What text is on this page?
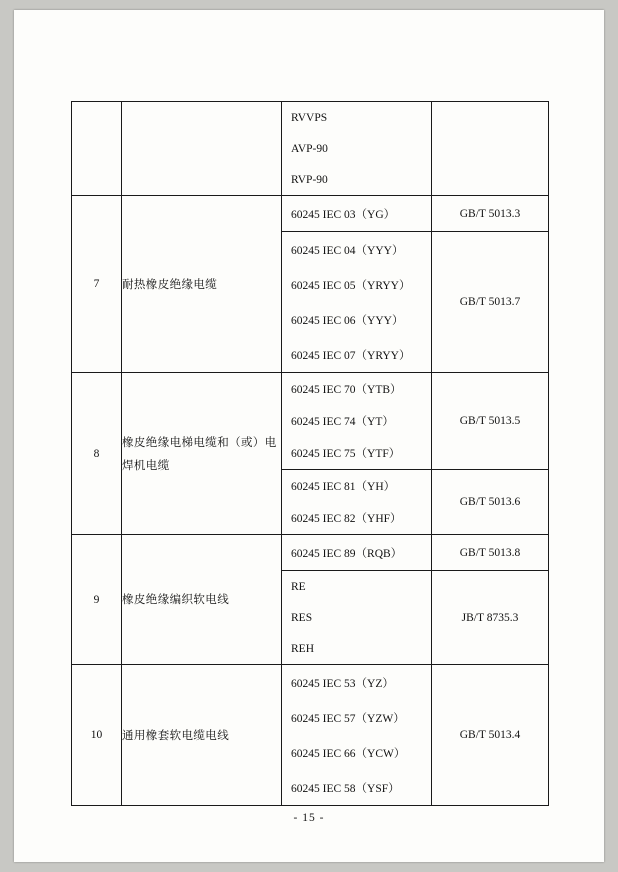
		RVVPS
AVP-90
RVP-90	

7	耐热橡皮绝缘电缆	60245 IEC 03（YG）	GB/T 5013.3

		60245 IEC 04（YYY）
60245 IEC 05（YRYY）
60245 IEC 06（YYY）
60245 IEC 07（YRYY）	GB/T 5013.7
8	橡皮绝缘电梯电缆和（或）电焊机电缆	60245 IEC 70（YTB）
60245 IEC 74（YT）
60245 IEC 75（YTF）	GB/T 5013.5

		60245 IEC 81（YH）
60245 IEC 82（YHF）	GB/T 5013.6
9	橡皮绝缘编织软电线	60245 IEC 89（RQB）	GB/T 5013.8

		RE
RES
REH	JB/T 8735.3
10	通用橡套软电缆电线	60245 IEC 53（YZ）
60245 IEC 57（YZW）
60245 IEC 66（YCW）
60245 IEC 58（YSF）	GB/T 5013.4
- 15 -
